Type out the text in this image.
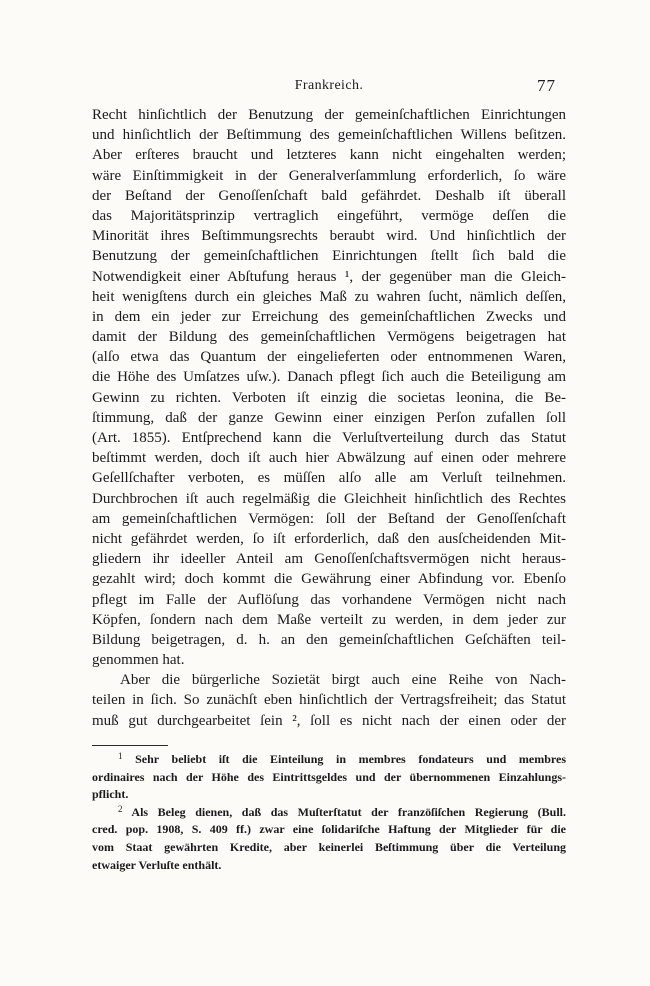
Frankreich.	77
Recht hinſichtlich der Benutzung der gemeinſchaftlichen Einrichtungen
und hinſichtlich der Beſtimmung des gemeinſchaftlichen Willens beſitzen.
Aber erſteres braucht und letzteres kann nicht eingehalten werden;
wäre Einſtimmigkeit in der Generalverſammlung erforderlich, ſo wäre
der Beſtand der Genoſſenſchaft bald gefährdet. Deshalb iſt überall
das Majoritätsprinzip vertraglich eingeführt, vermöge deſſen die
Minorität ihres Beſtimmungsrechts beraubt wird. Und hinſichtlich der
Benutzung der gemeinſchaftlichen Einrichtungen ſtellt ſich bald die
Notwendigkeit einer Abſtufung heraus ¹, der gegenüber man die Gleich-
heit wenigſtens durch ein gleiches Maß zu wahren ſucht, nämlich deſſen,
in dem ein jeder zur Erreichung des gemeinſchaftlichen Zwecks und
damit der Bildung des gemeinſchaftlichen Vermögens beigetragen hat
(alſo etwa das Quantum der eingelieferten oder entnommenen Waren,
die Höhe des Umſatzes uſw.). Danach pflegt ſich auch die Beteiligung am
Gewinn zu richten. Verboten iſt einzig die societas leonina, die Be-
ſtimmung, daß der ganze Gewinn einer einzigen Perſon zufallen ſoll
(Art. 1855). Entſprechend kann die Verluſtverteilung durch das Statut
beſtimmt werden, doch iſt auch hier Abwälzung auf einen oder mehrere
Geſellſchafter verboten, es müſſen alſo alle am Verluſt teilnehmen.
Durchbrochen iſt auch regelmäßig die Gleichheit hinſichtlich des Rechtes
am gemeinſchaftlichen Vermögen: ſoll der Beſtand der Genoſſenſchaft
nicht gefährdet werden, ſo iſt erforderlich, daß den ausſcheidenden Mit-
gliedern ihr ideeller Anteil am Genoſſenſchaftsvermögen nicht heraus-
gezahlt wird; doch kommt die Gewährung einer Abfindung vor. Ebenſo
pflegt im Falle der Auflöſung das vorhandene Vermögen nicht nach
Köpfen, ſondern nach dem Maße verteilt zu werden, in dem jeder zur
Bildung beigetragen, d. h. an den gemeinſchaftlichen Geſchäften teil-
genommen hat.
Aber die bürgerliche Sozietät birgt auch eine Reihe von Nach-
teilen in ſich. So zunächſt eben hinſichtlich der Vertragsfreiheit; das Statut
muß gut durchgearbeitet ſein ², ſoll es nicht nach der einen oder der
$^1$ Sehr beliebt iſt die Einteilung in membres fondateurs und membres
ordinaires nach der Höhe des Eintrittsgeldes und der übernommenen Einzahlungs-
pflicht.
$^2$ Als Beleg dienen, daß das Muſterſtatut der franzöſiſchen Regierung (Bull.
cred. pop. 1908, S. 409 ff.) zwar eine ſolidariſche Haftung der Mitglieder für die
vom Staat gewährten Kredite, aber keinerlei Beſtimmung über die Verteilung
etwaiger Verluſte enthält.
